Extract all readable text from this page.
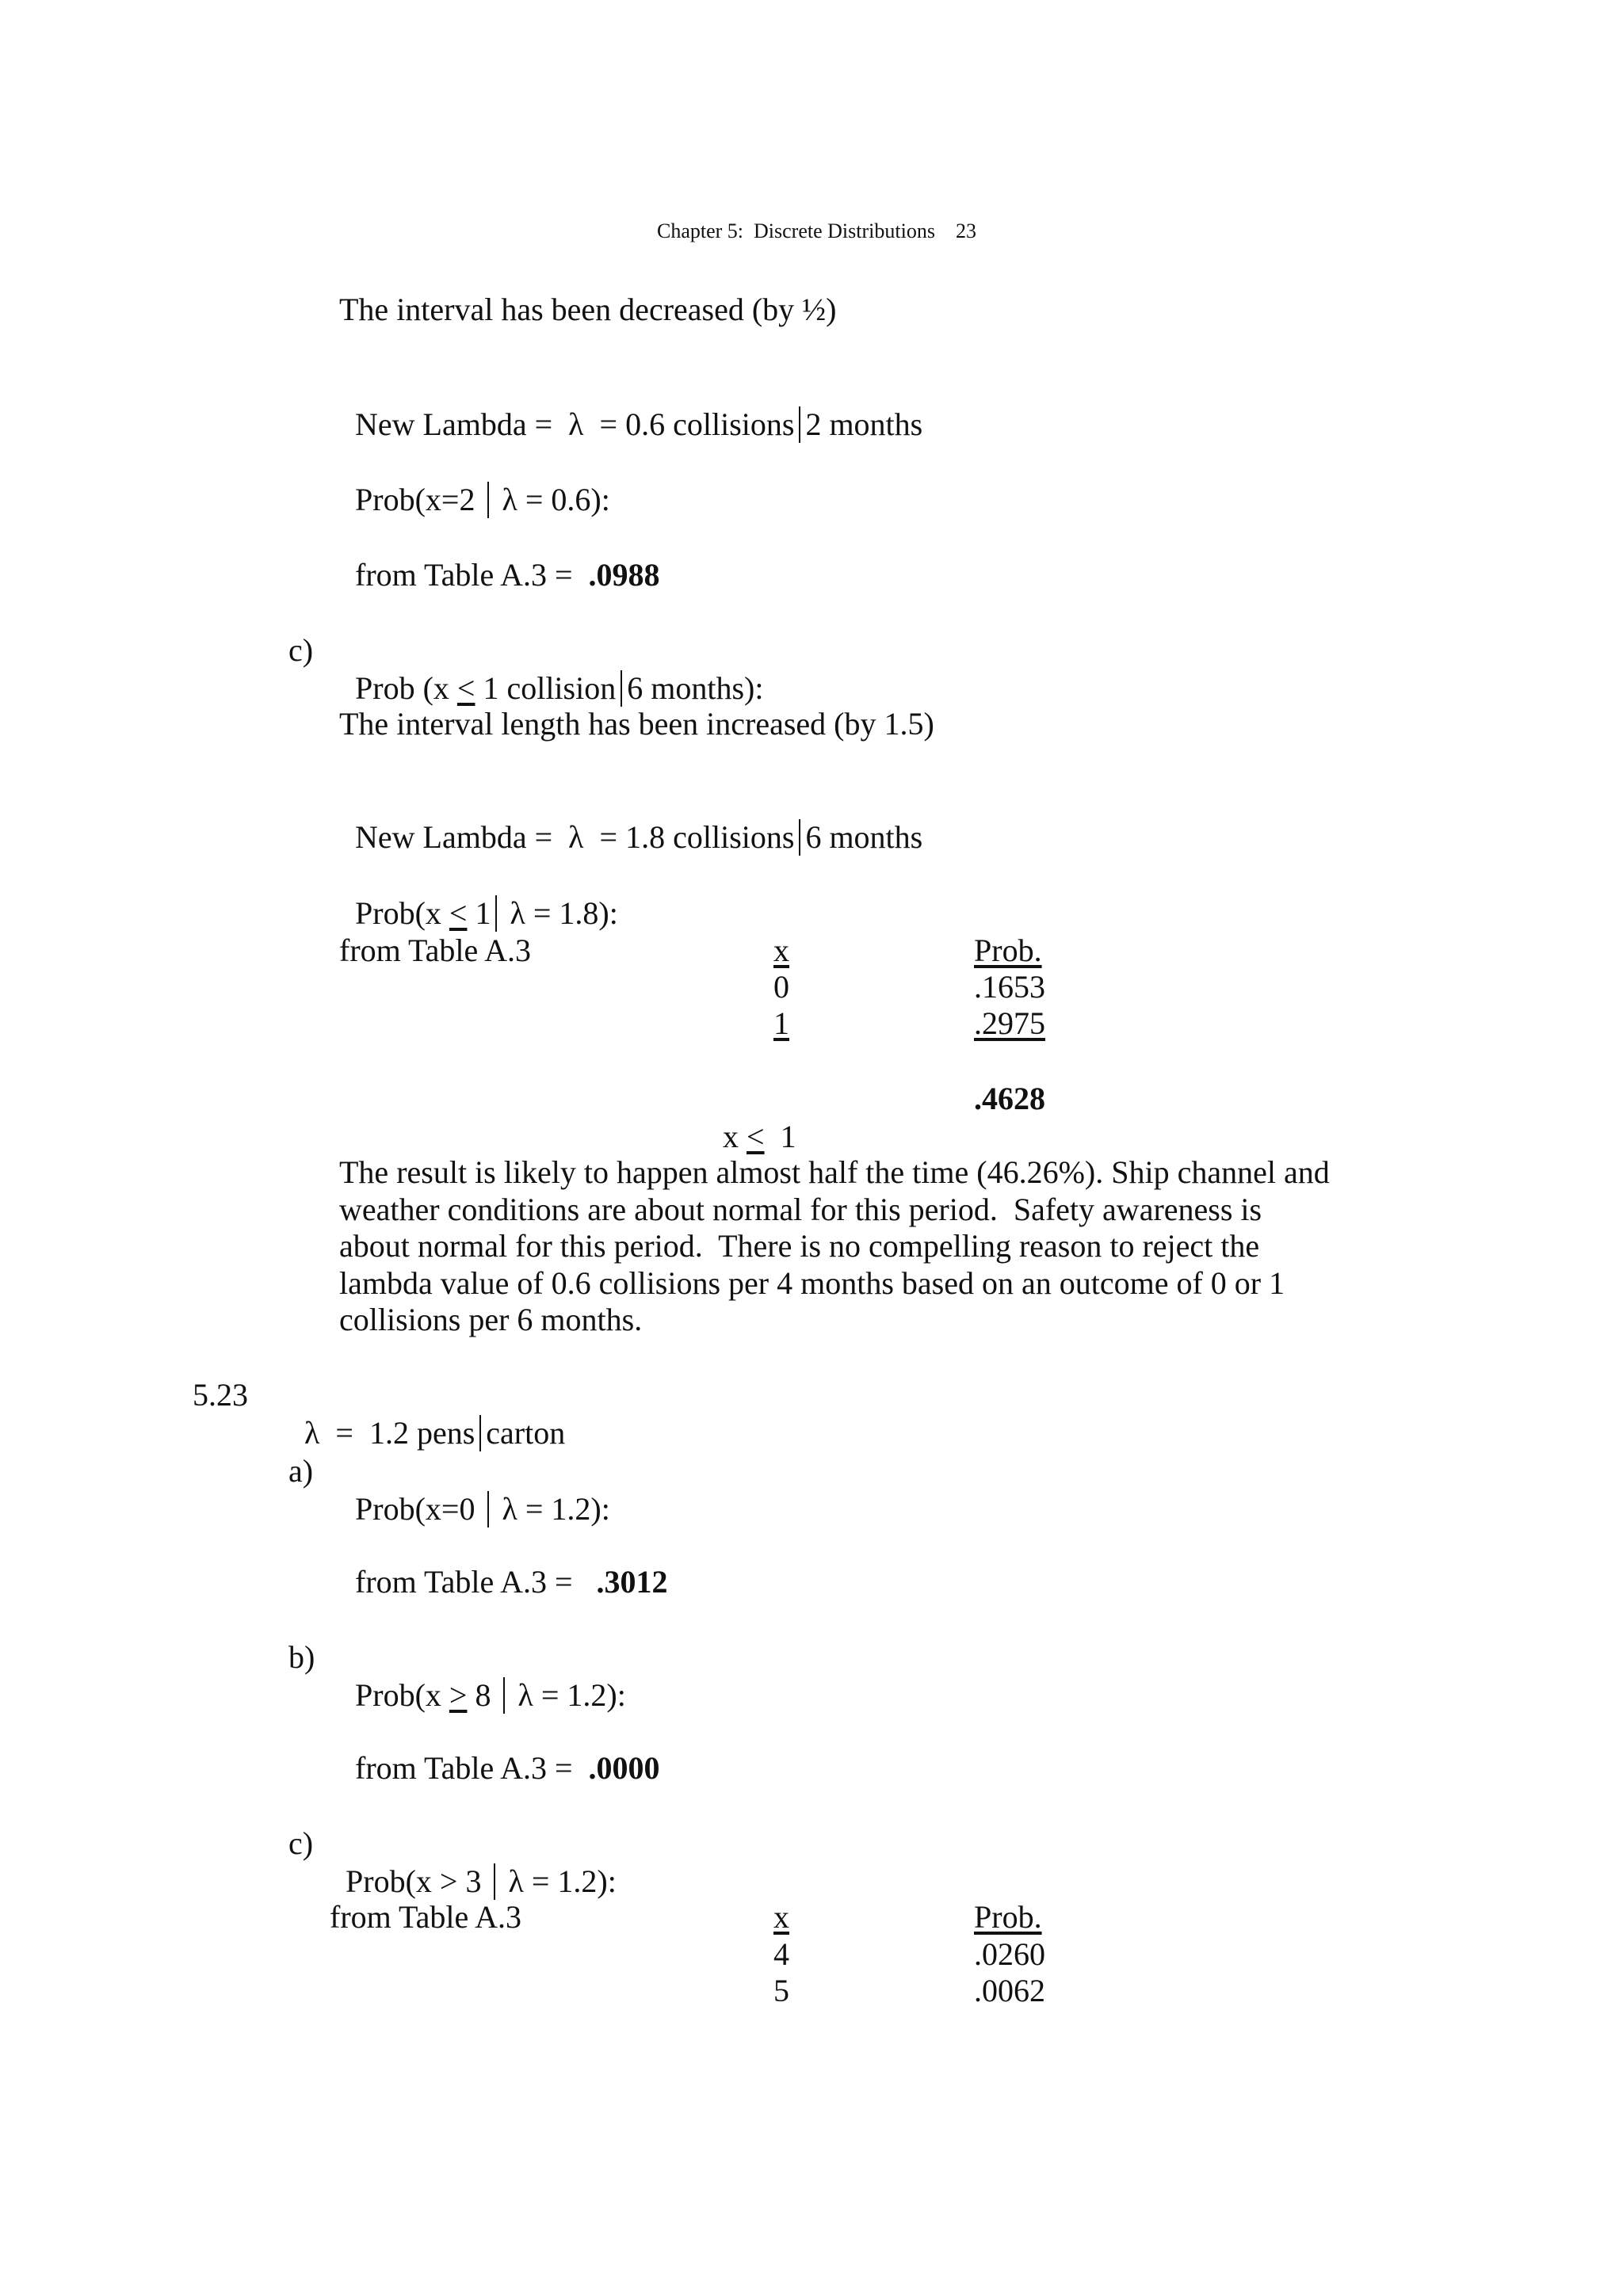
Chapter 5:  Discrete Distributions 23

The interval has been decreased (by ½)

New Lambda =  λ  = 0.6 collisions 2 months

Prob(x=2  λ = 0.6):

from Table A.3 =  .0988

c)

Prob (x ≤ 1 collision 6 months):

The interval length has been increased (by 1.5)

New Lambda =  λ  = 1.8 collisions 6 months

Prob(x ≤ 1 λ = 1.8):

from Table A.3	x	Prob.
0	.1653
1	.2975

x ≤  1

.4628
The result is likely to happen almost half the time (46.26%). Ship channel and
weather conditions are about normal for this period.  Safety awareness is
about normal for this period.  There is no compelling reason to reject the
lambda value of 0.6 collisions per 4 months based on an outcome of 0 or 1
collisions per 6 months.
5.23

λ  =  1.2 pens carton

a)

Prob(x=0  λ = 1.2):

from Table A.3 =   .3012

b)

Prob(x ≥ 8  λ = 1.2):

from Table A.3 =  .0000

c)

Prob(x > 3  λ = 1.2):

from Table A.3	x	Prob.
4	.0260
5	.0062
